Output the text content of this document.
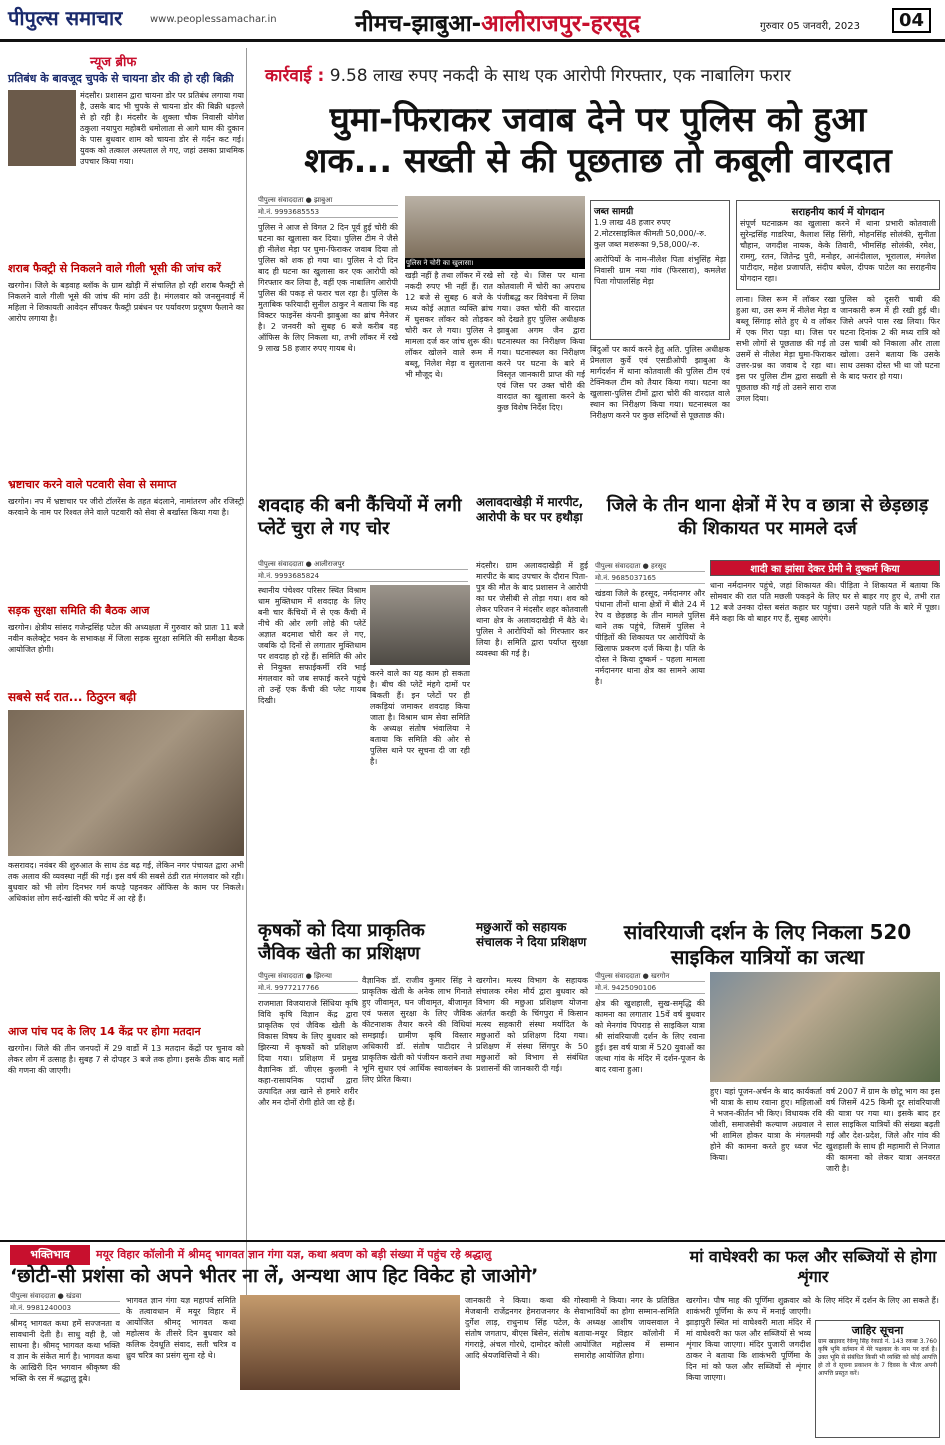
पीपुल्स समाचार	www.peoplessamachar.in	नीमच-झाबुआ-आलीराजपुर-हरसूद	गुरुवार 05 जनवरी, 2023	04
न्यूज ब्रीफ
प्रतिबंध के बावजूद चुपके से चायना डोर की हो रही बिक्री
मंदसौर। प्रशासन द्वारा चायना डोर पर प्रतिबंध लगाया गया है, उसके बाद भी चुपके से चायना डोर की बिक्री धड़ल्ले से हो रही है। मंदसौर के शुक्ला चौक निवासी योगेश ठकुला नयापुरा महोबरी धमोलाता से आगे घाम की दुकान के पास बुधवार शाम को चायना डोर से गर्दन कट गई। युवक को तत्काल अस्पताल ले गए, जहां उसका प्राथमिक उपचार किया गया।
शराब फैक्ट्री से निकलने वाले गीली भूसी की जांच करें
खरगोन। जिले के बड़वाह ब्लॉक के ग्राम खोड़ी में संचालित हो रही शराब फैक्ट्री से निकलने वाले गीली भूसे की जांच की मांग उठी है। मंगलवार को जनसुनवाई में महिला ने शिकायती आवेदन सौंपकर फैक्ट्री प्रबंधन पर पर्यावरण प्रदूषण फैलाने का आरोप लगाया है।
भ्रष्टाचार करने वाले पटवारी सेवा से समाप्त
खरगोन। नप में भ्रष्टाचार पर जीरो टॉलरेंस के तहत बंदलाने, नामांतरण और रजिस्ट्री करवाने के नाम पर रिश्वत लेने वाले पटवारी को सेवा से बर्खास्त किया गया है।
सड़क सुरक्षा समिति की बैठक आज
खरगोन। क्षेत्रीय सांसद गजेन्द्रसिंह पटेल की अध्यक्षता में गुरुवार को प्रातः 11 बजे नवीन कलेक्ट्रेट भवन के सभाकक्ष में जिला सड़क सुरक्षा समिति की समीक्षा बैठक आयोजित होगी।
सबसे सर्द रात... ठिठुरन बढ़ी
कसरावद। नवंबर की शुरुआत के साथ ठंड बढ़ गई, लेकिन नगर पंचायत द्वारा अभी तक अलाव की व्यवस्था नहीं की गई। इस वर्ष की सबसे ठंडी रात मंगलवार को रही। बुधवार को भी लोग दिनभर गर्म कपड़े पहनकर ऑफिस के काम पर निकले। अधिकांश लोग सर्द-खांसी की चपेट में आ रहे हैं।
आज पांच पद के लिए 14 केंद्र पर होगा मतदान
खरगोन। जिले की तीन जनपदों में 29 वार्डो में 13 मतदान केंद्रों पर चुनाव को लेकर लोग में उत्साह है। सुबह 7 से दोपहर 3 बजे तक होगा। इसके ठीक बाद मतों की गणना की जाएगी।
कार्रवाई : 9.58 लाख रुपए नकदी के साथ एक आरोपी गिरफ्तार, एक नाबालिग फरार
घुमा-फिराकर जवाब देने पर पुलिस को हुआ
शक... सख्ती से की पूछताछ तो कबूली वारदात
पीपुल्स संवाददाता ● झाबुआ
मो.नं. 9993685553
पुलिस ने आज से विगत 2 दिन पूर्व हुई चोरी की घटना का खुलासा कर दिया। पुलिस टीम ने जैसे ही नीलेश मेड़ा पर घुमा-फिराकर जवाब दिया तो पुलिस को शक हो गया था। पुलिस ने दो दिन बाद ही घटना का खुलासा कर एक आरोपी को गिरफ्तार कर लिया है, वहीं एक नाबालिग आरोपी पुलिस की पकड़ से फरार चल रहा है। पुलिस के मुताबिक फरियादी सुनील ठाकुर ने बताया कि वह विक्टर फाइनेंस कंपनी झाबुआ का ब्रांच मैनेजर है। 2 जनवरी को सुबह 6 बजे करीब वह ऑफिस के लिए निकला था, तभी लॉकर में रखे 9 लाख 58 हजार रुपए गायब थे।
पुलिस ने चोरी का खुलासा।
खड़ी नहीं है तथा लॉकर में रखे नकदी रुपए भी नहीं हैं। रात 12 बजे से सुबह 6 बजे के मध्य कोई अज्ञात व्यक्ति ब्रांच में घुसकर लॉकर को तोड़कर चोरी कर ले गया। पुलिस ने मामला दर्ज कर जांच शुरू की। लॉकर खोलने वाले रूम में बब्लू, निलेश मेड़ा व सुलताना भी मौजूद थे।
सो रहे थे। जिस पर थाना कोतवाली में चोरी का अपराध पंजीबद्ध कर विवेचना में लिया गया। उक्त चोरी की वारदात को देखते हुए पुलिस अधीक्षक झाबुआ अगम जैन द्वारा घटनास्थल का निरीक्षण किया गया। घटनास्थल का निरीक्षण करने पर घटना के बारे में विस्तृत जानकारी प्राप्त की गई एवं जिस पर उक्त चोरी की वारदात का खुलासा करने के कुछ विशेष निर्देश दिए।
जब्त सामग्री
1.9 लाख 48 हजार रुपए
2.मोटरसाइकिल कीमती 50,000/-रु.
कुल जब्त मशरूका 9,58,000/-रु.
आरोपियों के नाम-नीलेश पिता शंभुसिंह मेड़ा निवासी ग्राम नया गांव (फिरसारा), कमलेश पिता गोपालसिंह मेड़ा
बिंदुओं पर कार्य करने हेतु अति. पुलिस अधीक्षक प्रेमलाल कुर्वे एवं एसडीओपी झाबुआ के मार्गदर्शन में थाना कोतवाली की पुलिस टीम एवं टेक्निकल टीम को तैयार किया गया। घटना का खुलासा-पुलिस टीमों द्वारा चोरी की वारदात वाले स्थान का निरीक्षण किया गया। घटनास्थल का निरीक्षण करने पर कुछ संदिग्धों से पूछताछ की।
सराहनीय कार्य में योगदान
संपूर्ण घटनाक्रम का खुलासा करने में थाना प्रभारी कोतवाली सुरेन्द्रसिंह गाडरिया, कैलाश सिंह सिंगी, मोहनसिंह सोलंकी, सुनीता चौहान, जगदीश नायक, केके तिवारी, भीमसिंह सोलंकी, रमेश, रामगु, रतन, जितेन्द्र पुरी, मनोहर, आनंदीलाल, भूरालाल, मंगलेश पाटीदार, महेश प्रजापति, संदीप बघेल, दीपक पाटेल का सराहनीय योगदान रहा।
लाना। जिस रूम में लॉकर रखा हुआ था, उस रूम में नीलेश मेड़ा व बब्लू सिंगाड़ सोते हुए थे व लॉकर में एक गिरा पड़ा था। जिस पर सभी लोगों से पूछताछ की गई तो उसमें से नीलेश मेड़ा घुमा-फिराकर उत्तर-प्रश्न का जवाब दे रहा था। इस पर पुलिस टीम द्वारा सख्ती से पूछताछ की गई तो उसने सारा राज उगल दिया।
पुलिस को दूसरी चाबी की जानकारी रूम में ही रखी हुई थी। जिसे अपने पास रख लिया। फिर घटना दिनांक 2 की मध्य रात्रि को उस चाबी को निकाला और ताला खोला। उसने बताया कि उसके साथ उसका दोस्त भी था जो घटना के बाद फरार हो गया।
शवदाह की बनी कैंचियों में लगी प्लेटें चुरा ले गए चोर
पीपुल्स संवाददाता ● आलीराजपुर
मो.नं. 9993685824
स्थानीय पंचेश्वर परिसर स्थित विश्राम धाम मुक्तिधाम में शवदाह के लिए बनी चार कैंचियों में से एक कैंची में नीचे की ओर लगी लोहे की प्लेटें अज्ञात बदमाश चोरी कर ले गए, जबकि दो दिनों से लगातार मुक्तिधाम पर शवदाह हो रहे हैं। समिति की ओर से नियुक्त सफाईकर्मी रवि भाई मंगलवार को जब सफाई करने पहुंचे तो उन्हें एक कैंची की प्लेट गायब दिखी।
करने वाले का यह काम हो सकता है। बीच की प्लेटें मंहगे दामों पर बिकती हैं। इन प्लेटों पर ही लकड़ियां जमाकर शवदाह किया जाता है। विश्राम धाम सेवा समिति के अध्यक्ष संतोष भंवालिया ने बताया कि समिति की ओर से पुलिस थाने पर सूचना दी जा रही है।
अलावदाखेड़ी में मारपीट, आरोपी के घर पर हथौड़ा
मंदसौर। ग्राम अलावदाखेड़ी में हुई मारपीट के बाद उपचार के दौरान पिता-पुत्र की मौत के बाद प्रशासन ने आरोपी का घर जेसीबी से तोड़ा गया। शव को लेकर परिजन ने मंदसौर शहर कोतवाली थाना क्षेत्र के अलावदाखेड़ी में बैठे थे। पुलिस ने आरोपियों को गिरफ्तार कर लिया है। समिति द्वारा पर्याप्त सुरक्षा व्यवस्था की गई है।
जिले के तीन थाना क्षेत्रों में रेप व छात्रा से छेड़छाड़ की शिकायत पर मामले दर्ज
पीपुल्स संवाददाता ● हरसूद
मो.नं. 9685037165
शादी का झांसा देकर प्रेमी ने दुष्कर्म किया
खंडवा जिले के हरसूद, नर्मदानगर और पंधाना तीनों थाना क्षेत्रों में बीते 24 में रेप व छेड़छाड़ के तीन मामले पुलिस थाने तक पहुंचे, जिसमें पुलिस ने पीड़ितों की शिकायत पर आरोपियों के खिलाफ प्रकरण दर्ज किया है। पति के दोस्त ने किया दुष्कर्म - पहला मामला नर्मदानगर थाना क्षेत्र का सामने आया है।
धाना नर्मदानगर पहुंचे, जहां शिकायत की। पीड़िता ने शिकायत में बताया कि सोमवार की रात पति मछली पकड़ने के लिए घर से बाहर गए हुए थे, तभी रात 12 बजे उनका दोस्त बसंत कहार घर पहुंचा। उसने पहले पति के बारे में पूछा। मैंने कहा कि वो बाहर गए हैं, सुबह आएंगे।
कृषकों को दिया प्राकृतिक जैविक खेती का प्रशिक्षण
पीपुल्स संवाददाता ● झिरन्या
मो.नं. 9977217766
राजमाता विजयाराजे सिंधिया कृषि विवि कृषि विज्ञान केंद्र द्वारा प्राकृतिक एवं जैविक खेती के विकास विषय के लिए बुधवार को झिरन्या में कृषकों को प्रशिक्षण दिया गया। प्रशिक्षण में प्रमुख वैज्ञानिक डॉ. जीएस कुलमी ने कहा-रासायनिक पदार्थों द्वारा उत्पादित अन्न खाने से हमारे शरीर और मन दोनों रोगी होते जा रहे हैं।
वैज्ञानिक डॉ. राजीव कुमार सिंह ने प्राकृतिक खेती के अनेक लाभ गिनाते हुए जीवामृत, घन जीवामृत, बीजामृत एवं फसल सुरक्षा के लिए जैविक कीटनाशक तैयार करने की विधियां समझाईं। ग्रामीण कृषि विस्तार अधिकारी डॉ. संतोष पाटीदार ने प्राकृतिक खेती को पंजीयन कराने तथा भूमि सुधार एवं आर्थिक स्वावलंबन के लिए प्रेरित किया।
मछुआरों को सहायक संचालक ने दिया प्रशिक्षण
खरगोन। मत्स्य विभाग के सहायक संचालक रमेश मौर्य द्वारा बुधवार को विभाग की मछुआ प्रशिक्षण योजना अंतर्गत करही के चिंगपुरा में किसान मत्स्य सहकारी संस्था मर्यादित के मछुआरों को प्रशिक्षण दिया गया। प्रशिक्षण में संस्था सिंगपुर के 50 मछुआरों को विभाग से संबंधित प्रशासनों की जानकारी दी गई।
सांवरियाजी दर्शन के लिए निकला 520 साइकिल यात्रियों का जत्था
पीपुल्स संवाददाता ● खरगोन
मो.नं. 9425090106
क्षेत्र की खुशहाली, सुख-समृद्धि की कामना का लगातार 15वें वर्ष बुधवार को मेनगांव पिपराड़ से साइकिल यात्रा श्री सांवरियाजी दर्शन के लिए रवाना हुई। इस वर्ष यात्रा में 520 युवाओं का जत्था गांव के मंदिर में दर्शन-पूजन के बाद रवाना हुआ।
हुए। यहां पूजन-अर्चन के बाद कार्यकर्ता भी यात्रा के साथ रवाना हुए। महिलाओं ने भजन-कीर्तन भी किए। विधायक रवि जोशी, समाजसेवी कल्याण अग्रवाल ने भी शामिल होकर यात्रा के मंगलमयी होने की कामना करते हुए ध्वज भेंट किया।
वर्ष 2007 में ग्राम के छोटू भाग का इस वर्ष जिसमें 425 किमी दूर सांवरियाजी की यात्रा पर गया था। इसके बाद हर साल साइकिल यात्रियों की संख्या बढ़ती गई और देश-प्रदेश, जिले और गांव की खुशहाली के साथ ही महामारी से निजात की कामना को लेकर यात्रा अनवरत जारी है।
भक्तिभाव	मयूर विहार कॉलोनी में श्रीमद् भागवत ज्ञान गंगा यज्ञ, कथा श्रवण को बड़ी संख्या में पहुंच रहे श्रद्धालु
‘छोटी-सी प्रशंसा को अपने भीतर ना लें, अन्यथा आप हिट विकेट हो जाओगे’
पीपुल्स संवाददाता ● खंडवा
मो.नं. 9981240003
श्रीमद् भागवत कथा हमें सज्जनता व सावधानी देती है। साधु वही है, जो साधना है। श्रीमद् भागवत कथा भक्ति व ज्ञान के संकेत मार्ग है। भागवत कथा के आखिरी दिन भगवान श्रीकृष्ण की भक्ति के रस में श्रद्धालु डूबे।
भागवत ज्ञान गंगा यज्ञ महापर्व समिति के तत्वावधान में मयूर विहार में आयोजित श्रीमद् भागवत कथा महोत्सव के तीसरे दिन बुधवार को कलिक देवधूति संवाद, सती चरित्र व ध्रुव चरित्र का प्रसंग सुना रहे थे।
जानकारी ने किया। कथा की मेजबानी राजेंद्रनगर हेमराजनगर के दुर्गेश लाड़, राधुनाथ सिंह पटेल, संतोष जगताप, बीएस बिसेन, संतोष गंगराड़े, अंचल गोरधे, दामोदर कोली आदि श्रेयजवित्तियों ने की।
गोस्वामी ने किया। नगर के प्रतिष्ठित सेवाभावियों का होगा सम्मान-समिति के अध्यक्ष आशीष जायसवाल ने बताया-मयूर विहार कॉलोनी में आयोजित महोत्सव में सम्मान समारोह आयोजित होगा।
मां वाघेश्वरी का फल और सब्जियों से होगा शृंगार
खरगोन। पौष माह की पूर्णिमा शुक्रवार को शाकंभरी पूर्णिमा के रूप में मनाई जाएगी। झाड़ापुरी स्थित मां वाघेश्वरी माता मंदिर में मां वाघेश्वरी का फल और सब्जियों से भव्य शृंगार किया जाएगा। मंदिर पुजारी जगदीश ठाकर ने बताया कि शाकंभरी पूर्णिमा के दिन मां को फल और सब्जियों से शृंगार किया जाएगा।
के लिए मंदिर में दर्शन के लिए आ सकते हैं।
जाहिर सूचना
ग्राम खड़ावद रेवेन्यू सिंह रेकार्ड नं. 143 रकबा 3.760 कृषि भूमि वर्तमान में मेरे पक्षकार के नाम पर दर्ज है। उक्त भूमि से संबंधित किसी भी व्यक्ति को कोई आपत्ति हो तो वे सूचना प्रकाशन के 7 दिवस के भीतर अपनी आपत्ति प्रस्तुत करें।
